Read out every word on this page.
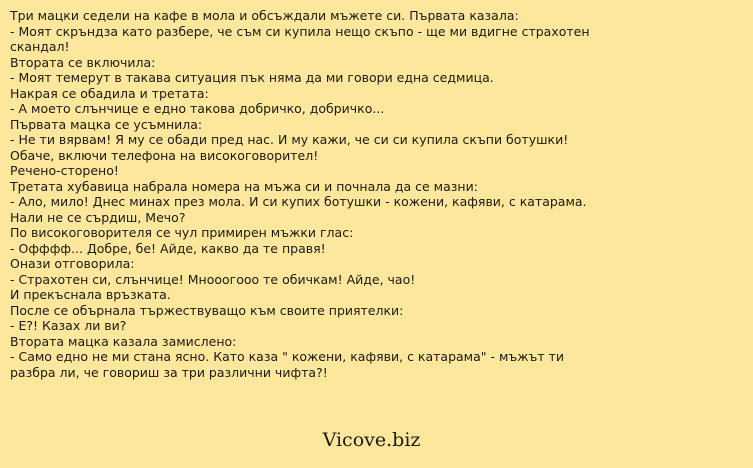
Три мацки седели на кафе в мола и обсъждали мъжете си. Първата казала:
- Моят скръндза като разбере, че съм си купила нещо скъпо - ще ми вдигне страхотен скандал!
Втората се включила:
- Моят темерут в такава ситуация пък няма да ми говори една седмица.
Накрая се обадила и третата:
- А моето слънчице е едно такова добричко, добричко...
Първата мацка се усъмнила:
- Не ти вярвам! Я му се обади пред нас. И му кажи, че си си купила скъпи ботушки!
Обаче, включи телефона на високоговорител!
Речено-сторено!
Третата хубавица набрала номера на мъжа си и почнала да се мазни:
- Ало, мило! Днес минах през мола. И си купих ботушки - кожени, кафяви, с катарама. Нали не се сърдиш, Мечо?
По високоговорителя се чул примирен мъжки глас:
- Офффф... Добре, бе! Айде, какво да те правя!
Онази отговорила:
- Страхотен си, слънчице! Мнооогооо те обичкам! Айде, чао!
И прекъснала връзката.
После се обърнала тържествуващо към своите приятелки:
- Е?! Казах ли ви?
Втората мацка казала замислено:
- Само едно не ми стана ясно. Като каза " кожени, кафяви, с катарама" - мъжът ти разбра ли, че говориш за три различни чифта?!
Vicove.biz
